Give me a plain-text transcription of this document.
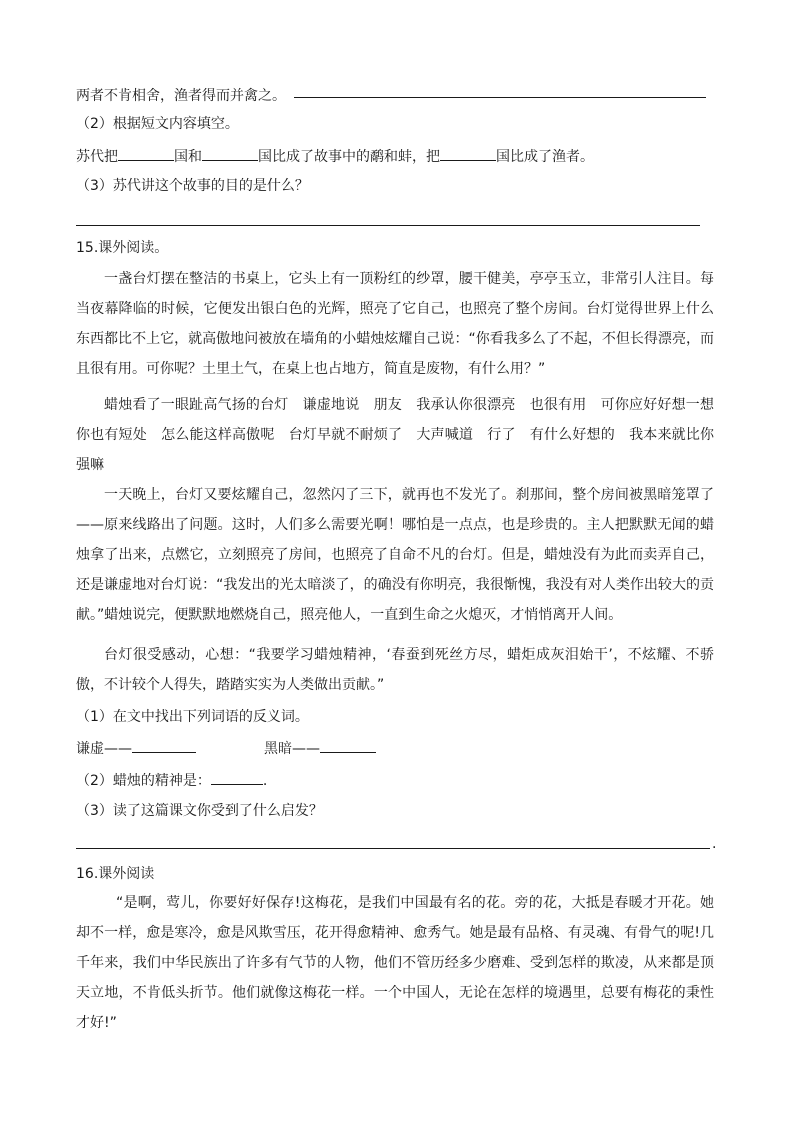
两者不肯相舍，渔者得而并禽之。
（2）根据短文内容填空。
苏代把	国和	国比成了故事中的鹬和蚌，把	国比成了渔者。
（3）苏代讲这个故事的目的是什么？
15.课外阅读。
一盏台灯摆在整洁的书桌上，它头上有一顶粉红的纱罩，腰干健美，亭亭玉立，非常引人注目。每当夜幕降临的时候，它便发出银白色的光辉，照亮了它自己，也照亮了整个房间。台灯觉得世界上什么东西都比不上它，就高傲地问被放在墙角的小蜡烛炫耀自己说：“你看我多么了不起，不但长得漂亮，而且很有用。可你呢？土里土气，在桌上也占地方，简直是废物，有什么用？”
蜡烛看了一眼趾高气扬的台灯　谦虚地说　朋友　我承认你很漂亮　也很有用　可你应好好想一想你也有短处　怎么能这样高傲呢　台灯早就不耐烦了　大声喊道　行了　有什么好想的　我本来就比你强嘛
一天晚上，台灯又要炫耀自己，忽然闪了三下，就再也不发光了。刹那间，整个房间被黑暗笼罩了——原来线路出了问题。这时，人们多么需要光啊！哪怕是一点点，也是珍贵的。主人把默默无闻的蜡烛拿了出来，点燃它，立刻照亮了房间，也照亮了自命不凡的台灯。但是，蜡烛没有为此而卖弄自己，还是谦虚地对台灯说：“我发出的光太暗淡了，的确没有你明亮，我很惭愧，我没有对人类作出较大的贡献。”蜡烛说完，便默默地燃烧自己，照亮他人，一直到生命之火熄灭，才悄悄离开人间。
台灯很受感动，心想：“我要学习蜡烛精神，‘春蚕到死丝方尽，蜡炬成灰泪始干’，不炫耀、不骄傲，不计较个人得失，踏踏实实为人类做出贡献。”
（1）在文中找出下列词语的反义词。
谦虚——	黑暗——
（2）蜡烛的精神是：	.
（3）读了这篇课文你受到了什么启发？
.
16.课外阅读
“是啊，莺儿，你要好好保存!这梅花，是我们中国最有名的花。旁的花，大抵是春暖才开花。她却不一样，愈是寒冷，愈是风欺雪压，花开得愈精神、愈秀气。她是最有品格、有灵魂、有骨气的呢!几千年来，我们中华民族出了许多有气节的人物，他们不管历经多少磨难、受到怎样的欺凌，从来都是顶天立地，不肯低头折节。他们就像这梅花一样。一个中国人，无论在怎样的境遇里，总要有梅花的秉性才好!”
